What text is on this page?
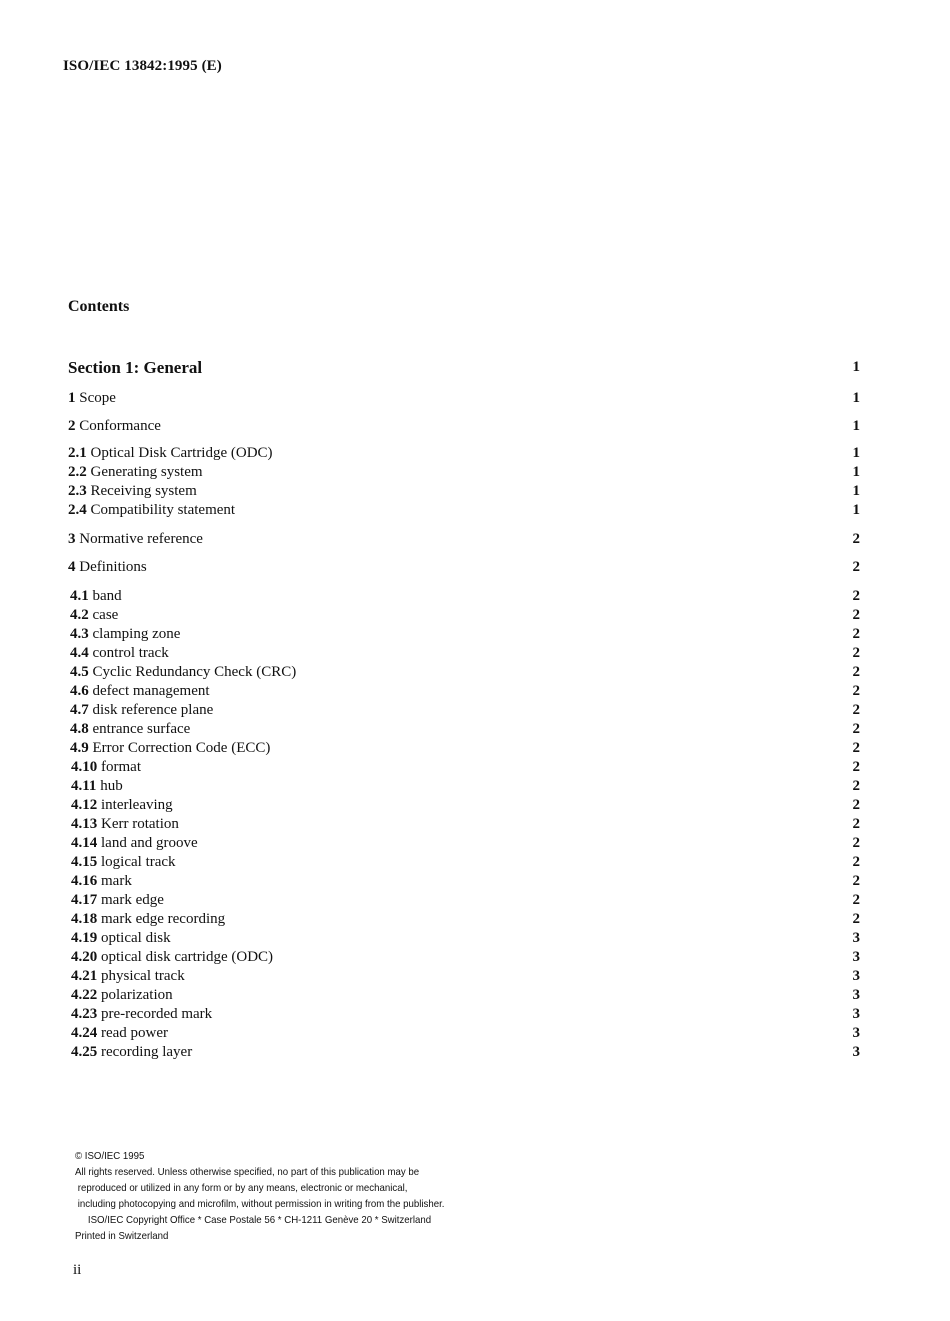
ISO/IEC 13842:1995 (E)
Contents
Section 1: General	1
1 Scope	1
2 Conformance	1
2.1 Optical Disk Cartridge (ODC)	1
2.2 Generating system	1
2.3 Receiving system	1
2.4 Compatibility statement	1
3 Normative reference	2
4 Definitions	2
4.1 band	2
4.2 case	2
4.3 clamping zone	2
4.4 control track	2
4.5 Cyclic Redundancy Check (CRC)	2
4.6 defect management	2
4.7 disk reference plane	2
4.8 entrance surface	2
4.9 Error Correction Code (ECC)	2
4.10 format	2
4.11 hub	2
4.12 interleaving	2
4.13 Kerr rotation	2
4.14 land and groove	2
4.15 logical track	2
4.16 mark	2
4.17 mark edge	2
4.18 mark edge recording	2
4.19 optical disk	3
4.20 optical disk cartridge (ODC)	3
4.21 physical track	3
4.22 polarization	3
4.23 pre-recorded mark	3
4.24 read power	3
4.25 recording layer	3
© ISO/IEC 1995
All rights reserved. Unless otherwise specified, no part of this publication may be
reproduced or utilized in any form or by any means, electronic or mechanical,
including photocopying and microfilm, without permission in writing from the publisher.
ISO/IEC Copyright Office * Case Postale 56 * CH-1211 Genève 20 * Switzerland
Printed in Switzerland
ii
